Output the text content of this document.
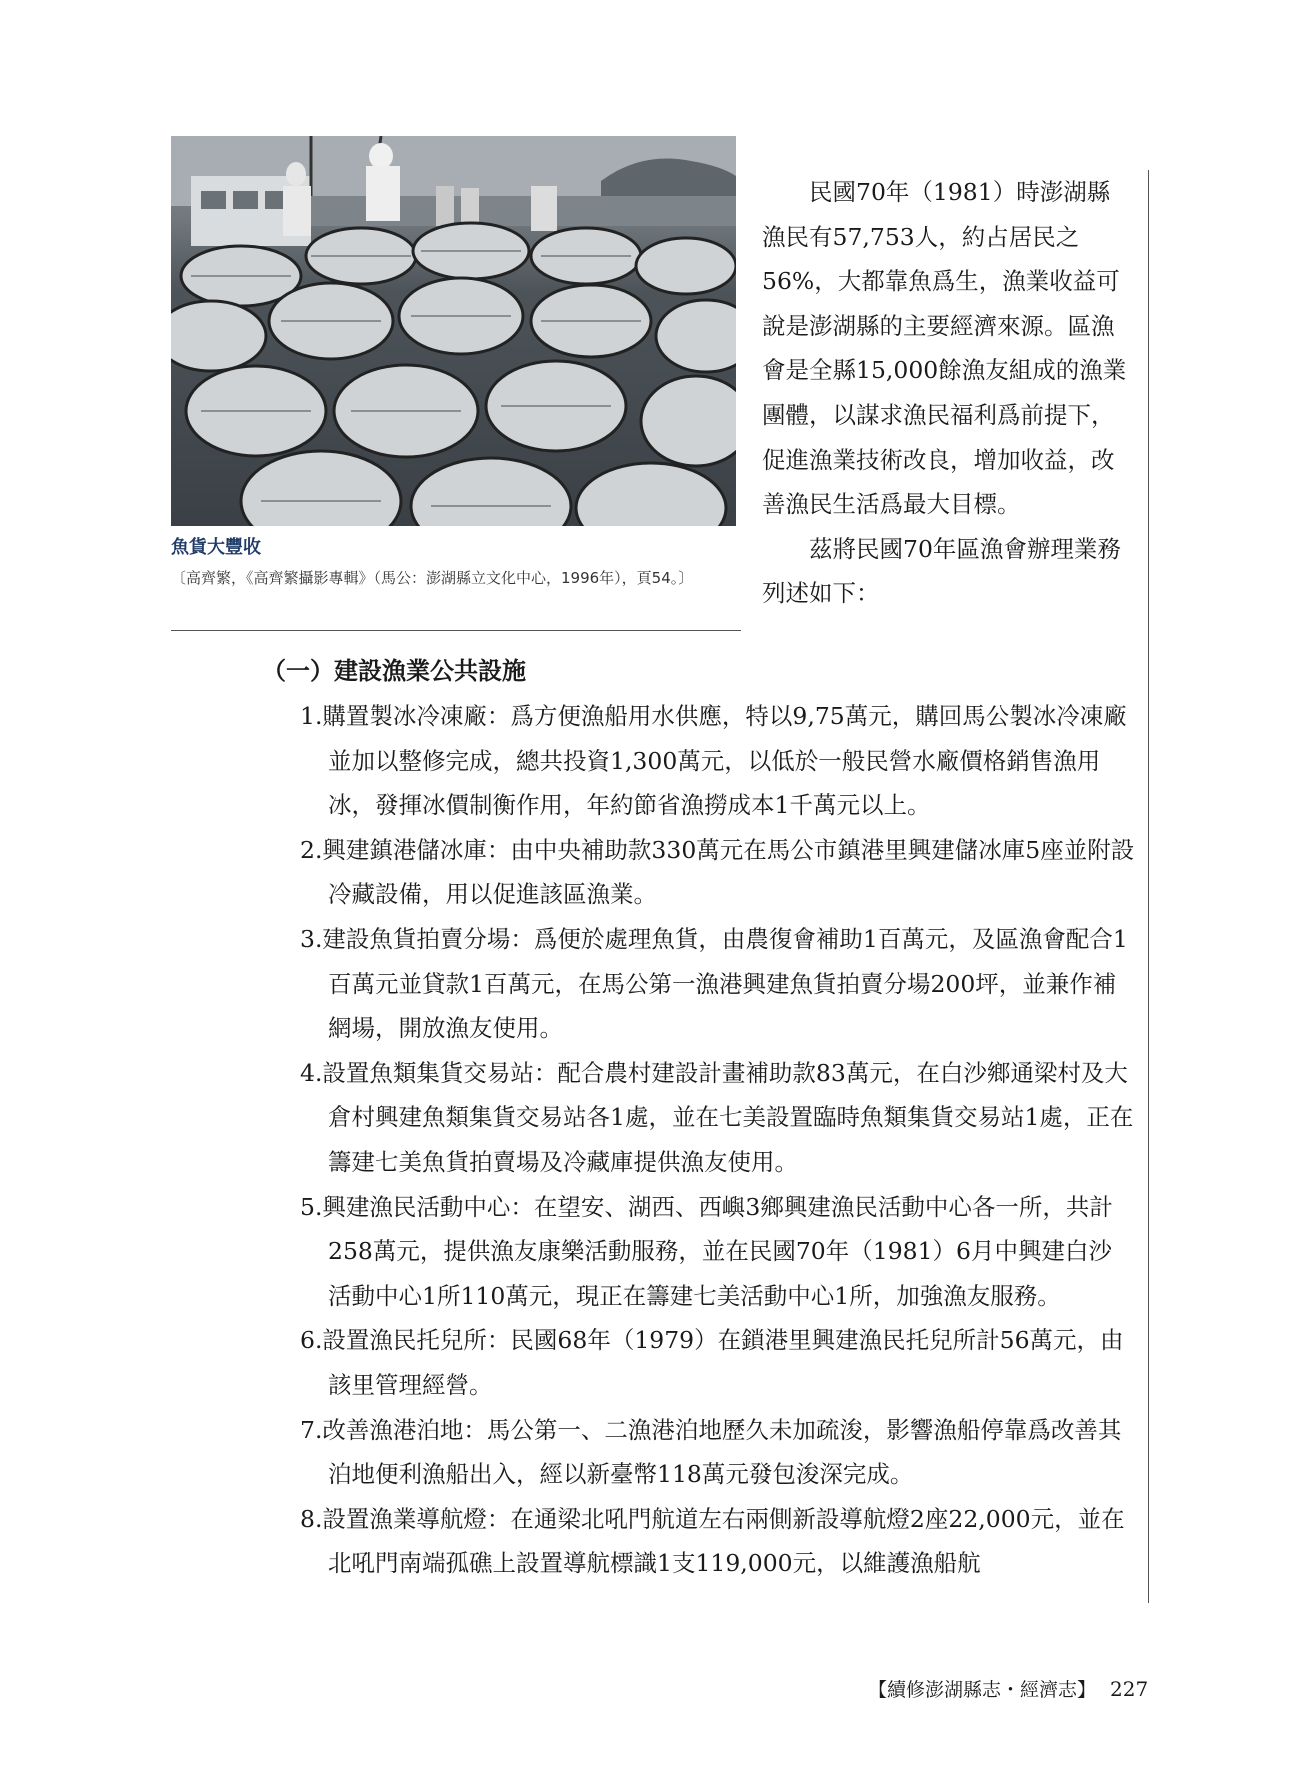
魚貨大豐收
〔高齊繁，《高齊繁攝影專輯》（馬公：澎湖縣立文化中心，1996年），頁54。〕

民國70年（1981）時澎湖縣漁民有57,753人，約占居民之56%，大都靠魚爲生，漁業收益可說是澎湖縣的主要經濟來源。區漁會是全縣15,000餘漁友組成的漁業團體，以謀求漁民福利爲前提下，促進漁業技術改良，增加收益，改善漁民生活爲最大目標。

茲將民國70年區漁會辦理業務列述如下：

（一）建設漁業公共設施

1.購置製冰冷凍廠：爲方便漁船用水供應，特以9,75萬元，購回馬公製冰冷凍廠並加以整修完成，總共投資1,300萬元，以低於一般民營水廠價格銷售漁用冰，發揮冰價制衡作用，年約節省漁撈成本1千萬元以上。

2.興建鎮港儲冰庫：由中央補助款330萬元在馬公市鎮港里興建儲冰庫5座並附設冷藏設備，用以促進該區漁業。

3.建設魚貨拍賣分場：爲便於處理魚貨，由農復會補助1百萬元，及區漁會配合1百萬元並貸款1百萬元，在馬公第一漁港興建魚貨拍賣分場200坪，並兼作補網場，開放漁友使用。

4.設置魚類集貨交易站：配合農村建設計畫補助款83萬元，在白沙鄉通梁村及大倉村興建魚類集貨交易站各1處，並在七美設置臨時魚類集貨交易站1處，正在籌建七美魚貨拍賣場及冷藏庫提供漁友使用。

5.興建漁民活動中心：在望安、湖西、西嶼3鄉興建漁民活動中心各一所，共計258萬元，提供漁友康樂活動服務，並在民國70年（1981）6月中興建白沙活動中心1所110萬元，現正在籌建七美活動中心1所，加強漁友服務。

6.設置漁民托兒所：民國68年（1979）在鎖港里興建漁民托兒所計56萬元，由該里管理經營。

7.改善漁港泊地：馬公第一、二漁港泊地歷久未加疏浚，影響漁船停靠爲改善其泊地便利漁船出入，經以新臺幣118萬元發包浚深完成。

8.設置漁業導航燈：在通梁北吼門航道左右兩側新設導航燈2座22,000元，並在北吼門南端孤礁上設置導航標識1支119,000元，以維護漁船航

【續修澎湖縣志・經濟志】 227
